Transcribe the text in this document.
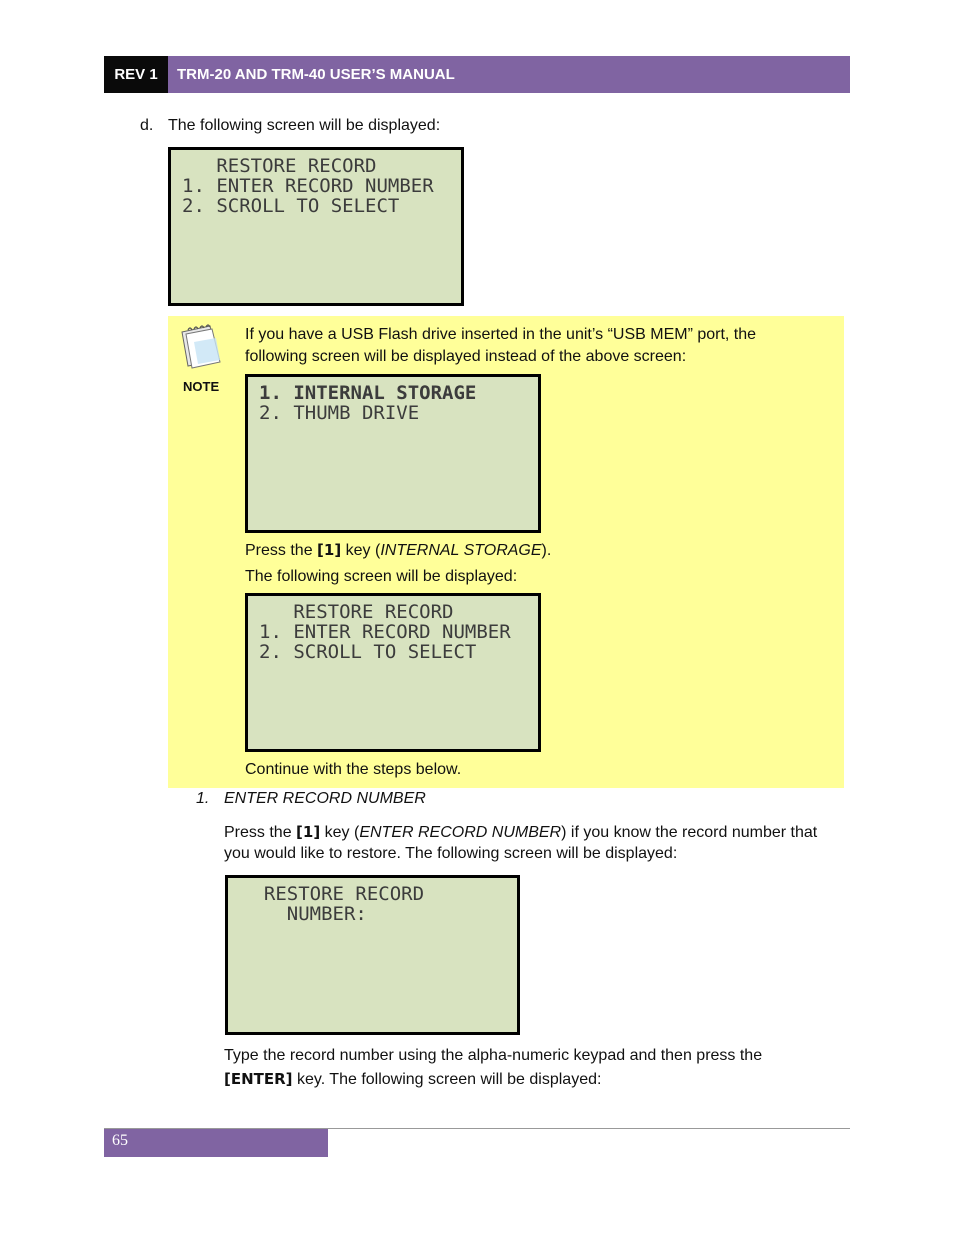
REV 1	TRM-20 AND TRM-40 USER’S MANUAL
d. The following screen will be displayed:
RESTORE RECORD
1. ENTER RECORD NUMBER
2. SCROLL TO SELECT
NOTE
If you have a USB Flash drive inserted in the unit’s “USB MEM” port, the
following screen will be displayed instead of the above screen:
1. INTERNAL STORAGE
2. THUMB DRIVE
Press the [1] key (INTERNAL STORAGE).
The following screen will be displayed:
RESTORE RECORD
1. ENTER RECORD NUMBER
2. SCROLL TO SELECT
Continue with the steps below.
1. ENTER RECORD NUMBER
Press the [1] key (ENTER RECORD NUMBER) if you know the record number that
you would like to restore. The following screen will be displayed:
RESTORE RECORD
NUMBER:
Type the record number using the alpha-numeric keypad and then press the
[ENTER] key. The following screen will be displayed:
65
